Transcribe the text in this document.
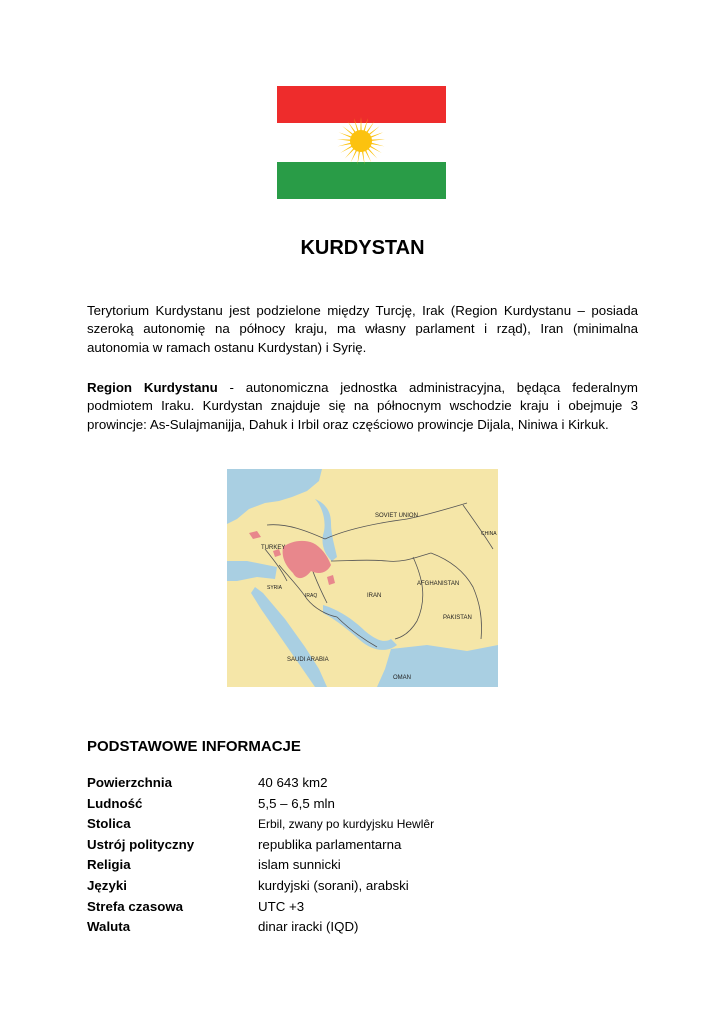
KURDYSTAN
Terytorium Kurdystanu jest podzielone między Turcję, Irak (Region Kurdystanu – posiada szeroką autonomię na północy kraju, ma własny parlament i rząd), Iran (minimalna autonomia w ramach ostanu Kurdystan) i Syrię.
Region Kurdystanu - autonomiczna jednostka administracyjna, będąca federalnym podmiotem Iraku. Kurdystan znajduje się na północnym wschodzie kraju i obejmuje 3 prowincje: As-Sulajmanijja, Dahuk i Irbil oraz częściowo prowincje Dijala, Niniwa i Kirkuk.
SOVIET UNION
TURKEY
IRAN
AFGHANISTAN
PAKISTAN
SAUDI ARABIA
OMAN
CHINA
SYRIA
IRAQ
PODSTAWOWE INFORMACJE
Powierzchnia	40 643 km2
Ludność	5,5 – 6,5 mln
Stolica	Erbil, zwany po kurdyjsku Hewlêr
Ustrój polityczny	republika parlamentarna
Religia	islam sunnicki
Języki	kurdyjski (sorani), arabski
Strefa czasowa	UTC +3
Waluta	dinar iracki (IQD)
